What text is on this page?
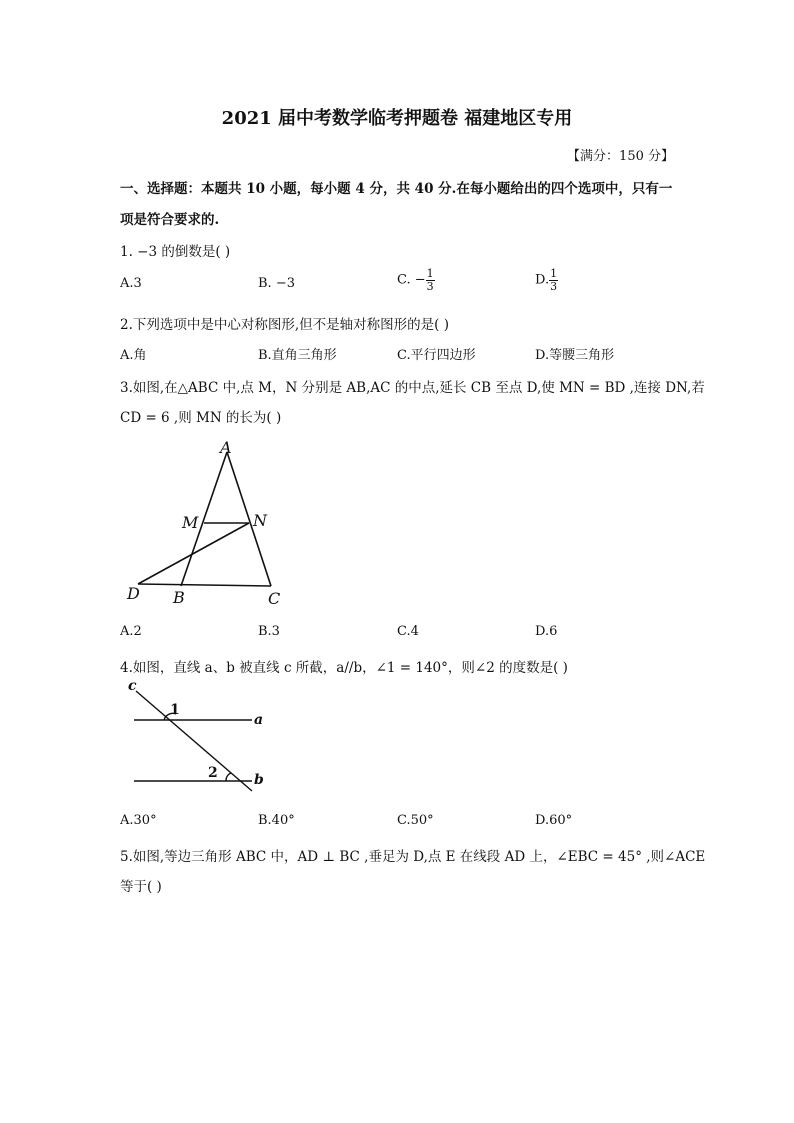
2021 届中考数学临考押题卷 福建地区专用
【满分：150 分】
一、选择题：本题共 10 小题，每小题 4 分，共 40 分.在每小题给出的四个选项中，只有一
项是符合要求的.
1. −3 的倒数是( )
A.3	B. −3	C. − $\frac{1}{3}$	D. $\frac{1}{3}$
2.下列选项中是中心对称图形,但不是轴对称图形的是( )
A.角	B.直角三角形	C.平行四边形	D.等腰三角形
3.如图,在△ABC 中,点 M，N 分别是 AB,AC 的中点,延长 CB 至点 D,使 MN = BD ,连接 DN,若
CD = 6 ,则 MN 的长为( )
A
M	N
D B	C
A.2	B.3	C.4	D.6
4.如图，直线 a、b 被直线 c 所截，a//b，∠1 = 140°，则∠2 的度数是( )
c
1
a
2	b
A.30°	B.40°	C.50°	D.60°
5.如图,等边三角形 ABC 中，AD ⊥ BC ,垂足为 D,点 E 在线段 AD 上，∠EBC = 45° ,则∠ACE
等于( )
